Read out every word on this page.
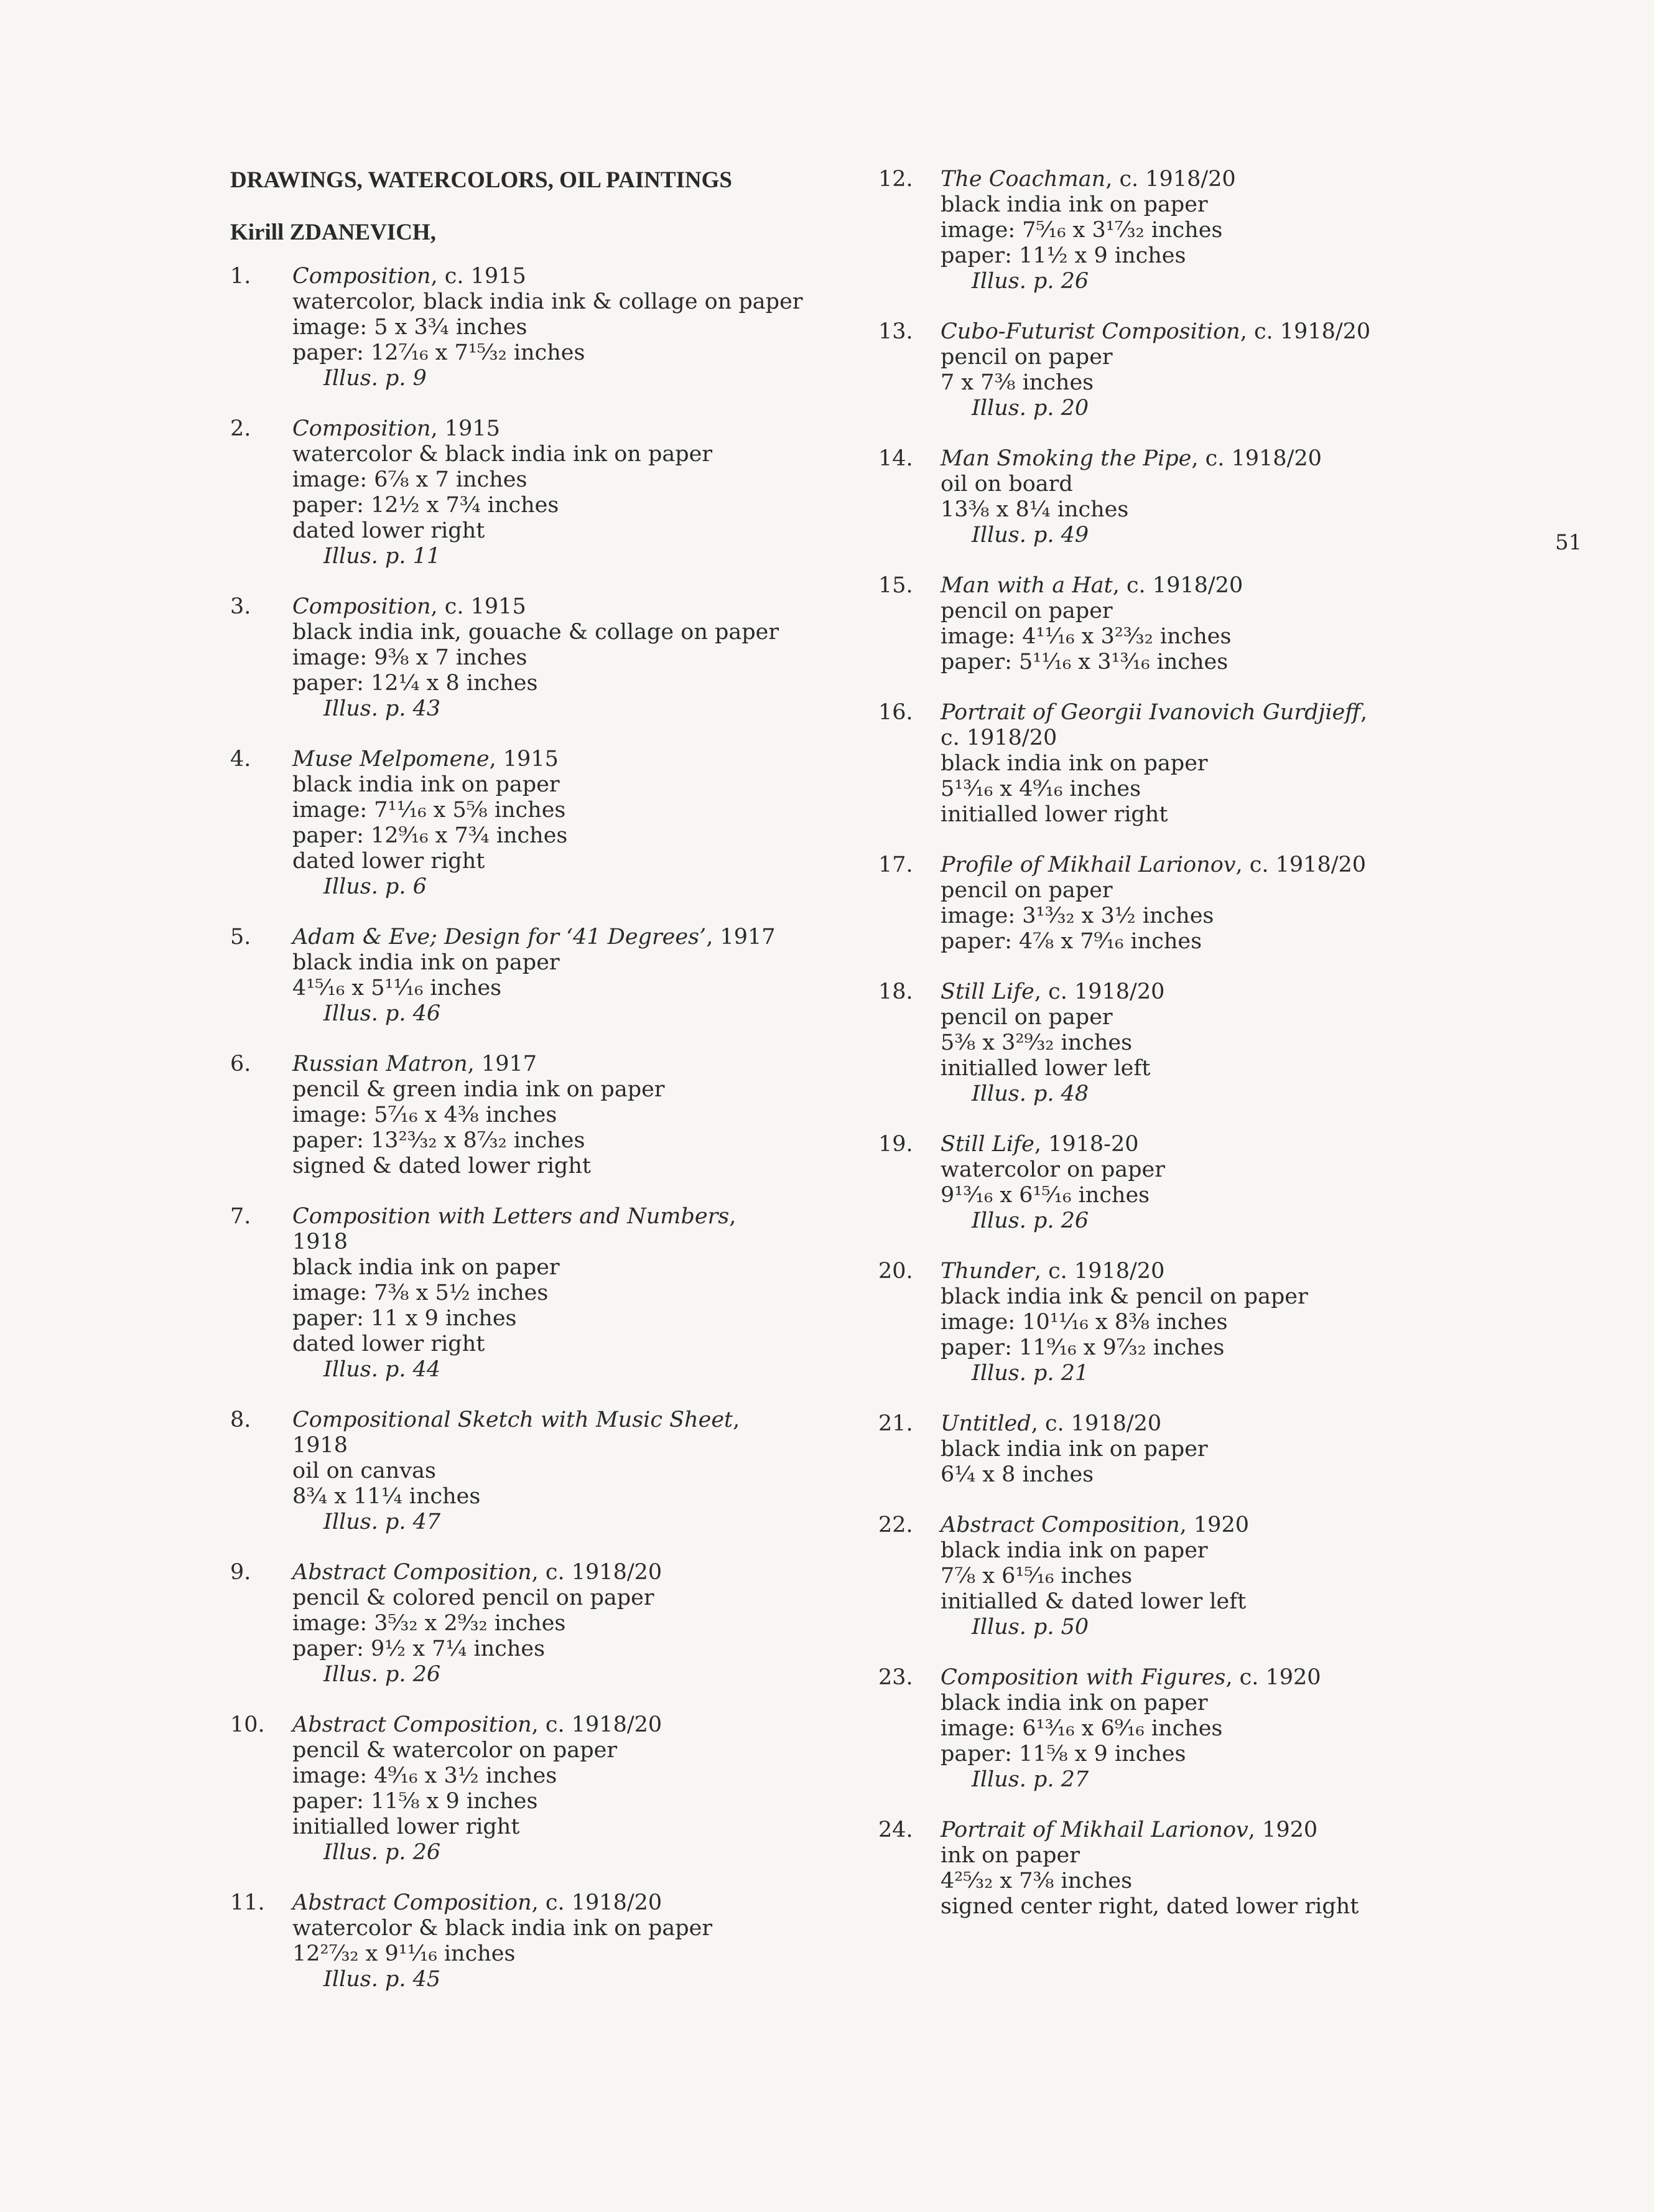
DRAWINGS, WATERCOLORS, OIL PAINTINGS
Kirill ZDANEVICH,
1.	Composition, c. 1915
watercolor, black india ink & collage on paper
image: 5 x 3¾ inches
paper: 12⁷⁄₁₆ x 7¹⁵⁄₃₂ inches
Illus. p. 9
2.	Composition, 1915
watercolor & black india ink on paper
image: 6⅞ x 7 inches
paper: 12½ x 7¾ inches
dated lower right
Illus. p. 11
3.	Composition, c. 1915
black india ink, gouache & collage on paper
image: 9⅜ x 7 inches
paper: 12¼ x 8 inches
Illus. p. 43
4.	Muse Melpomene, 1915
black india ink on paper
image: 7¹¹⁄₁₆ x 5⅝ inches
paper: 12⁹⁄₁₆ x 7¾ inches
dated lower right
Illus. p. 6
5.	Adam & Eve; Design for ‘41 Degrees’, 1917
black india ink on paper
4¹⁵⁄₁₆ x 5¹¹⁄₁₆ inches
Illus. p. 46
6.	Russian Matron, 1917
pencil & green india ink on paper
image: 5⁷⁄₁₆ x 4⅜ inches
paper: 13²³⁄₃₂ x 8⁷⁄₃₂ inches
signed & dated lower right
7.	Composition with Letters and Numbers,
1918
black india ink on paper
image: 7⅜ x 5½ inches
paper: 11 x 9 inches
dated lower right
Illus. p. 44
8.	Compositional Sketch with Music Sheet,
1918
oil on canvas
8¾ x 11¼ inches
Illus. p. 47
9.	Abstract Composition, c. 1918/20
pencil & colored pencil on paper
image: 3⁵⁄₃₂ x 2⁹⁄₃₂ inches
paper: 9½ x 7¼ inches
Illus. p. 26
10.	Abstract Composition, c. 1918/20
pencil & watercolor on paper
image: 4⁹⁄₁₆ x 3½ inches
paper: 11⅝ x 9 inches
initialled lower right
Illus. p. 26
11.	Abstract Composition, c. 1918/20
watercolor & black india ink on paper
12²⁷⁄₃₂ x 9¹¹⁄₁₆ inches
Illus. p. 45
12.	The Coachman, c. 1918/20
black india ink on paper
image: 7⁵⁄₁₆ x 3¹⁷⁄₃₂ inches
paper: 11½ x 9 inches
Illus. p. 26
13.	Cubo-Futurist Composition, c. 1918/20
pencil on paper
7 x 7⅜ inches
Illus. p. 20
14.	Man Smoking the Pipe, c. 1918/20
oil on board
13⅜ x 8¼ inches
Illus. p. 49
15.	Man with a Hat, c. 1918/20
pencil on paper
image: 4¹¹⁄₁₆ x 3²³⁄₃₂ inches
paper: 5¹¹⁄₁₆ x 3¹³⁄₁₆ inches
16.	Portrait of Georgii Ivanovich Gurdjieff,
c. 1918/20
black india ink on paper
5¹³⁄₁₆ x 4⁹⁄₁₆ inches
initialled lower right
17.	Profile of Mikhail Larionov, c. 1918/20
pencil on paper
image: 3¹³⁄₃₂ x 3½ inches
paper: 4⅞ x 7⁹⁄₁₆ inches
18.	Still Life, c. 1918/20
pencil on paper
5⅜ x 3²⁹⁄₃₂ inches
initialled lower left
Illus. p. 48
19.	Still Life, 1918-20
watercolor on paper
9¹³⁄₁₆ x 6¹⁵⁄₁₆ inches
Illus. p. 26
20.	Thunder, c. 1918/20
black india ink & pencil on paper
image: 10¹¹⁄₁₆ x 8⅜ inches
paper: 11⁹⁄₁₆ x 9⁷⁄₃₂ inches
Illus. p. 21
21.	Untitled, c. 1918/20
black india ink on paper
6¼ x 8 inches
22.	Abstract Composition, 1920
black india ink on paper
7⅞ x 6¹⁵⁄₁₆ inches
initialled & dated lower left
Illus. p. 50
23.	Composition with Figures, c. 1920
black india ink on paper
image: 6¹³⁄₁₆ x 6⁹⁄₁₆ inches
paper: 11⅝ x 9 inches
Illus. p. 27
24.	Portrait of Mikhail Larionov, 1920
ink on paper
4²⁵⁄₃₂ x 7⅜ inches
signed center right, dated lower right
51
